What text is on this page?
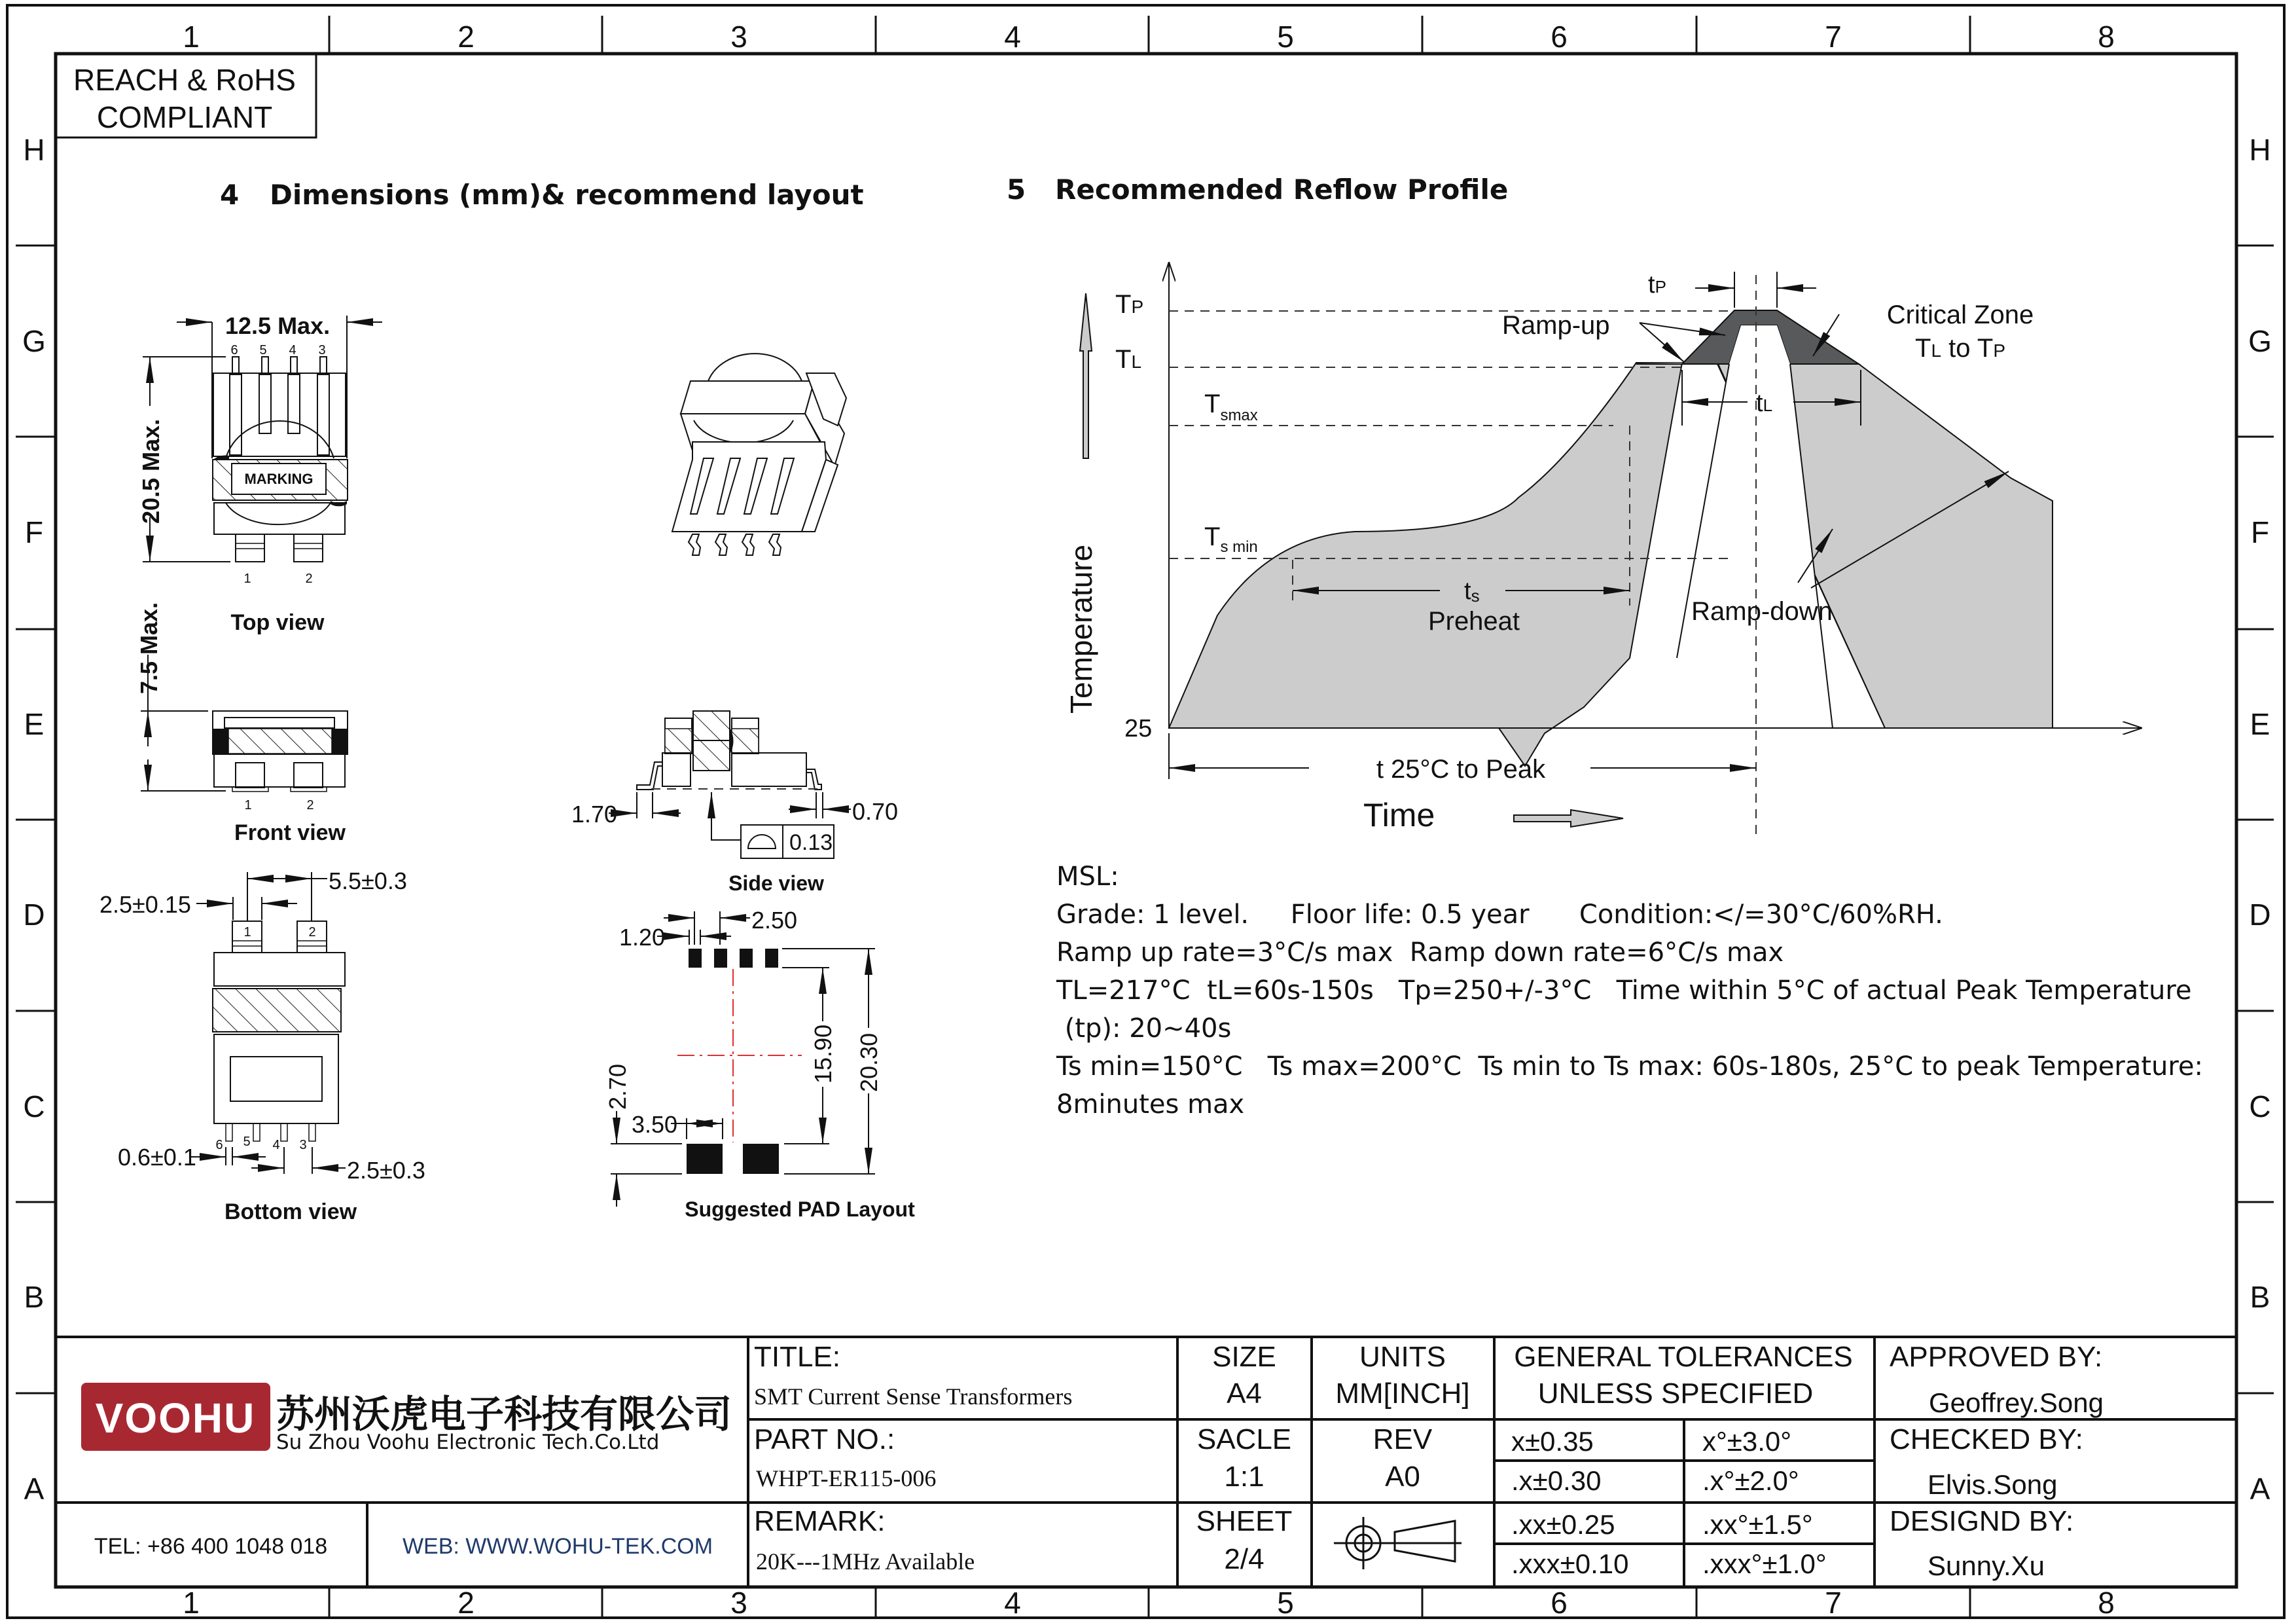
1	2	3	4	5	6	7	8
1	2	3	4	5	6	7	8
H
G
F
E
D
C
B
A
H
G
F
E
D
C
B
A
REACH & RoHS
COMPLIANT
4 Dimensions (mm)& recommend layout	5 Recommended Reflow Profile
12.5 Max.
6 5 4 3
20.5 Max.	MARKING
1	2
Top view
7.5 Max.
1	2
Front view
5.5±0.3
2.5±0.15
1	2
6 5 4 3
0.6±0.1	2.5±0.3
Bottom view
1.70	0.70
0.13
Side view
2.50
1.20
15.90 20.30
2.70
3.50
Suggested PAD Layout
TP
TL
$T_{smax}$
$T_{s min}$
25
Temperature
tP
tL
ts
Preheat
Ramp-up	Critical Zone
TL to TP
Ramp-down
t 25°C to Peak
Time
MSL:
Grade: 1 level.     Floor life: 0.5 year      Condition:</=30°C/60%RH.
Ramp up rate=3°C/s max  Ramp down rate=6°C/s max
TL=217°C  tL=60s-150s   Tp=250+/-3°C   Time within 5°C of actual Peak Temperature
(tp): 20~40s
Ts min=150°C   Ts max=200°C  Ts min to Ts max: 60s-180s, 25°C to peak Temperature:
8minutes max
VOOHU 苏州沃虎电子科技有限公司
Su Zhou Voohu Electronic Tech.Co.Ltd
TEL: +86 400 1048 018	WEB: WWW.WOHU-TEK.COM
TITLE:
SMT Current Sense Transformers
PART NO.:
WHPT-ER115-006
REMARK:
20K---1MHz Available
SIZE
A4
SACLE
1:1
SHEET
2/4
UNITS
MM[INCH]
REV
A0
GENERAL TOLERANCES
UNLESS SPECIFIED
x±0.35	x°±3.0°
.x±0.30	.x°±2.0°
.xx±0.25	.xx°±1.5°
.xxx±0.10	.xxx°±1.0°
APPROVED BY:
Geoffrey.Song
CHECKED BY:
Elvis.Song
DESIGND BY:
Sunny.Xu
